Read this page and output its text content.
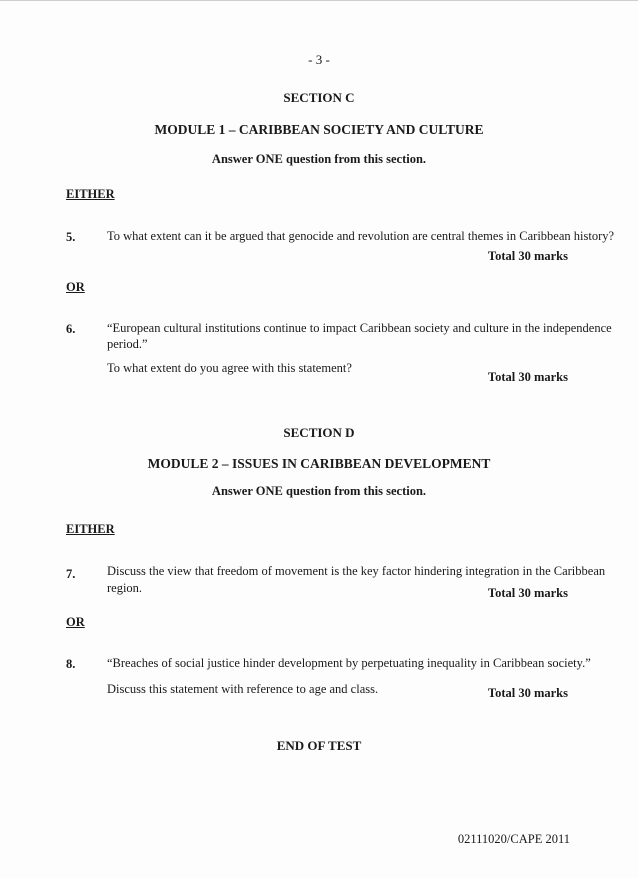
- 3 -
SECTION C
MODULE 1 – CARIBBEAN SOCIETY AND CULTURE
Answer ONE question from this section.
EITHER
5.	To what extent can it be argued that genocide and revolution are central themes in Caribbean history?
Total 30 marks
OR
6.	“European cultural institutions continue to impact Caribbean society and culture in the independence
period.”
To what extent do you agree with this statement?
Total 30 marks
SECTION D
MODULE 2 – ISSUES IN CARIBBEAN DEVELOPMENT
Answer ONE question from this section.
EITHER
7.	Discuss the view that freedom of movement is the key factor hindering integration in the Caribbean
region.	Total 30 marks
OR
8.	“Breaches of social justice hinder development by perpetuating inequality in Caribbean society.”
Discuss this statement with reference to age and class.	Total 30 marks
END OF TEST
02111020/CAPE 2011
